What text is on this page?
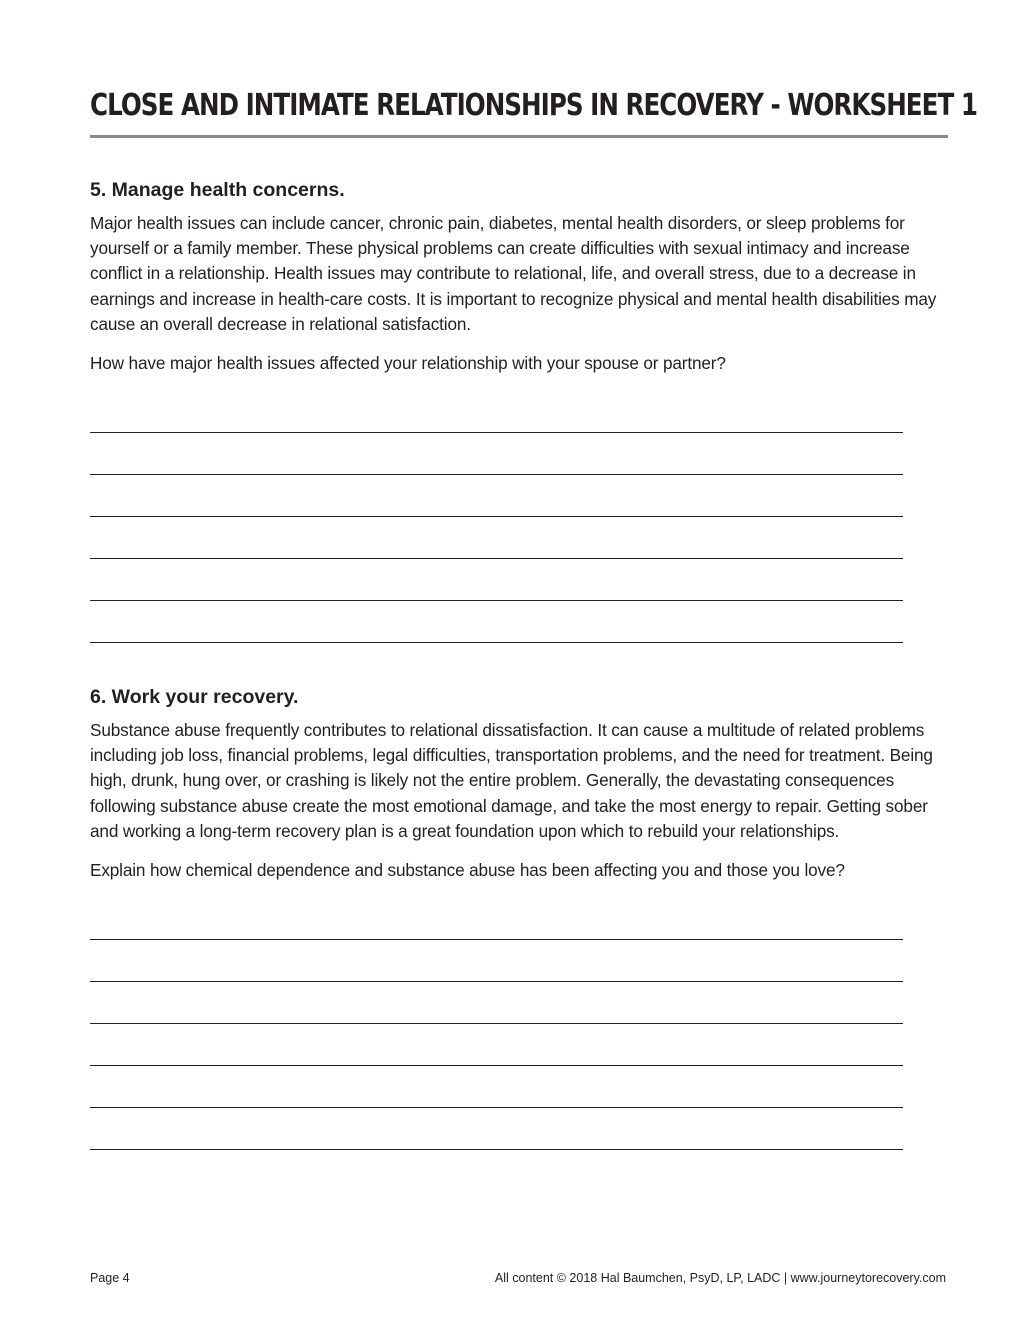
CLOSE AND INTIMATE RELATIONSHIPS IN RECOVERY - WORKSHEET 1
5. Manage health concerns.

Major health issues can include cancer, chronic pain, diabetes, mental health disorders, or sleep problems for yourself or a family member. These physical problems can create difficulties with sexual intimacy and increase conflict in a relationship. Health issues may contribute to relational, life, and overall stress, due to a decrease in earnings and increase in health-care costs. It is important to recognize physical and mental health disabilities may cause an overall decrease in relational satisfaction.

How have major health issues affected your relationship with your spouse or partner?

6. Work your recovery.

Substance abuse frequently contributes to relational dissatisfaction. It can cause a multitude of related problems including job loss, financial problems, legal difficulties, transportation problems, and the need for treatment. Being high, drunk, hung over, or crashing is likely not the entire problem. Generally, the devastating consequences following substance abuse create the most emotional damage, and take the most energy to repair. Getting sober and working a long-term recovery plan is a great foundation upon which to rebuild your relationships.

Explain how chemical dependence and substance abuse has been affecting you and those you love?

Page 4	All content © 2018 Hal Baumchen, PsyD, LP, LADC | www.journeytorecovery.com
